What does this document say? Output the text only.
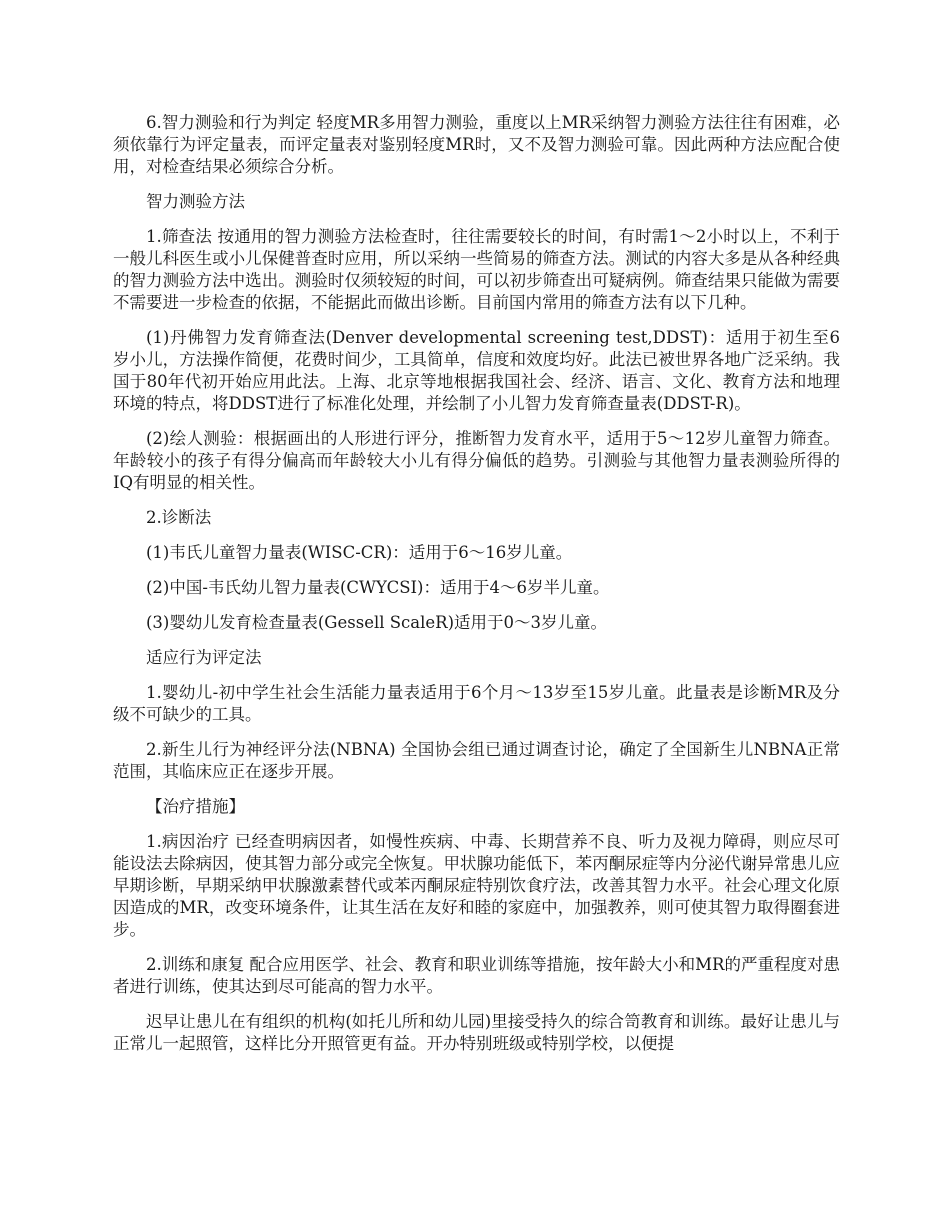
6.智力测验和行为判定 轻度MR多用智力测验，重度以上MR采纳智力测验方法往往有困难，必须依靠行为评定量表，而评定量表对鉴别轻度MR时，又不及智力测验可靠。因此两种方法应配合使用，对检查结果必须综合分析。

智力测验方法

1.筛查法 按通用的智力测验方法检查时，往往需要较长的时间，有时需1～2小时以上，不利于一般儿科医生或小儿保健普查时应用，所以采纳一些简易的筛查方法。测试的内容大多是从各种经典的智力测验方法中选出。测验时仅须较短的时间，可以初步筛查出可疑病例。筛查结果只能做为需要不需要进一步检查的依据，不能据此而做出诊断。目前国内常用的筛查方法有以下几种。

(1)丹佛智力发育筛查法(Denver developmental screening test,DDST)：适用于初生至6岁小儿，方法操作简便，花费时间少，工具简单，信度和效度均好。此法已被世界各地广泛采纳。我国于80年代初开始应用此法。上海、北京等地根据我国社会、经济、语言、文化、教育方法和地理环境的特点，将DDST进行了标准化处理，并绘制了小儿智力发育筛查量表(DDST-R)。

(2)绘人测验：根据画出的人形进行评分，推断智力发育水平，适用于5～12岁儿童智力筛查。年龄较小的孩子有得分偏高而年龄较大小儿有得分偏低的趋势。引测验与其他智力量表测验所得的IQ有明显的相关性。

2.诊断法

(1)韦氏儿童智力量表(WISC-CR)：适用于6～16岁儿童。

(2)中国-韦氏幼儿智力量表(CWYCSI)：适用于4～6岁半儿童。

(3)婴幼儿发育检查量表(Gessell ScaleR)适用于0～3岁儿童。

适应行为评定法

1.婴幼儿-初中学生社会生活能力量表适用于6个月～13岁至15岁儿童。此量表是诊断MR及分级不可缺少的工具。

2.新生儿行为神经评分法(NBNA) 全国协会组已通过调查讨论，确定了全国新生儿NBNA正常范围，其临床应正在逐步开展。

【治疗措施】

1.病因治疗 已经查明病因者，如慢性疾病、中毒、长期营养不良、听力及视力障碍，则应尽可能设法去除病因，使其智力部分或完全恢复。甲状腺功能低下，苯丙酮尿症等内分泌代谢异常患儿应早期诊断，早期采纳甲状腺激素替代或苯丙酮尿症特别饮食疗法，改善其智力水平。社会心理文化原因造成的MR，改变环境条件，让其生活在友好和睦的家庭中，加强教养，则可使其智力取得圈套进步。

2.训练和康复 配合应用医学、社会、教育和职业训练等措施，按年龄大小和MR的严重程度对患者进行训练，使其达到尽可能高的智力水平。

迟早让患儿在有组织的机构(如托儿所和幼儿园)里接受持久的综合笥教育和训练。最好让患儿与正常儿一起照管，这样比分开照管更有益。开办特别班级或特别学校，以便提
